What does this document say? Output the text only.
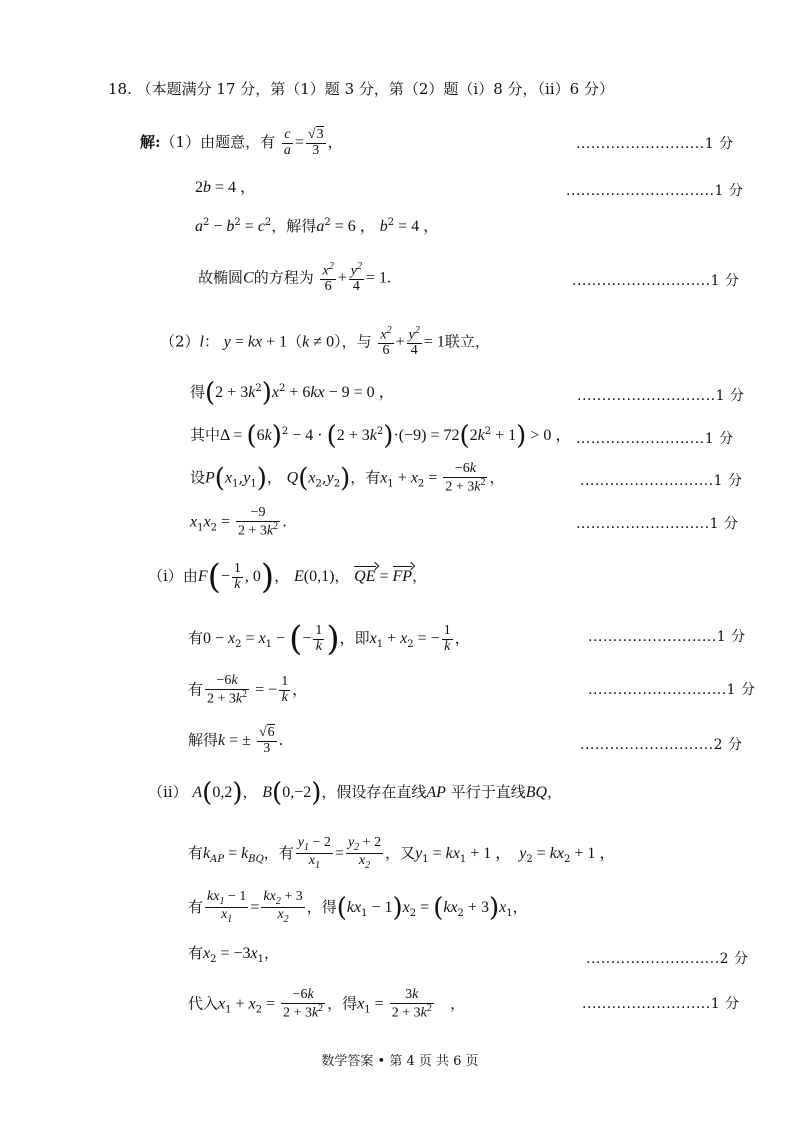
18. （本题满分 17 分，第（1）题 3 分，第（2）题（ⅰ）8 分，（ⅱ）6 分）
解:（1）由题意，有 $\frac{c}{a} = \frac{√3}{3}$ ，	..........................1 分
2b = 4 ，	..............................1 分
$a^2 - b^2 = c^2$，解得$a^2 = 6$ ， $b^2 = 4$ ，
故椭圆C的方程为 $\frac{x^2}{6} + \frac{y^2}{4} = 1$.	............................1 分
（2）l： y = kx + 1（k ≠ 0），与 $\frac{x^2}{6} + \frac{y^2}{4} = 1$联立，
得$(2 + 3k^2)x^2 + 6kx - 9 = 0$ ，	............................1 分
其中$\Delta = (6k)^2 - 4 \cdot (2 + 3k^2)\cdot(-9) = 72(2k^2 + 1) > 0$ ， ..........................1 分
设$P(x_1,y_1)$， $Q(x_2,y_2)$，有$x_1 + x_2 = \frac{-6k}{2 + 3k^2}$ ，	...........................1 分
$x_1x_2 = \frac{-9}{2 + 3k^2}$ .	...........................1 分
（ⅰ）由$F(- \frac{1}{k}$ , 0)， E(0,1)， QE = FP，
有$0 - x_2 = x_1$ − (− $\frac{1}{k}$ )，即$x_1 + x_2$ = − $\frac{1}{k}$ ，	..........................1 分
有 $\frac{-6k}{2 + 3k^2}$ = − $\frac{1}{k}$ ，	............................1 分
解得k = ± $\frac{√6}{3}$ .	...........................2 分
（ⅱ） A(0,2)， B(0,−2)，假设存在直线AP 平行于直线BQ，
有$k_{AP} = k_{BQ}$，有 $\frac{y_1 - 2}{x_1} = \frac{y_2 + 2}{x_2}$ ，又$y_1 = kx_1 + 1$ ，  $y_2 = kx_2 + 1$ ，
有 $\frac{kx_1 - 1}{x_1} = \frac{kx_2 + 3}{x_2}$ ，得$(kx_1 - 1)x_2 = (kx_2 + 3)x_1$，
有$x_2 = -3x_1$，	...........................2 分
代入$x_1 + x_2 = \frac{-6k}{2 + 3k^2}$ ，得$x_1 = \frac{3k}{2 + 3k^2}$ ，	..........................1 分
数学答案 • 第 4 页 共 6 页
